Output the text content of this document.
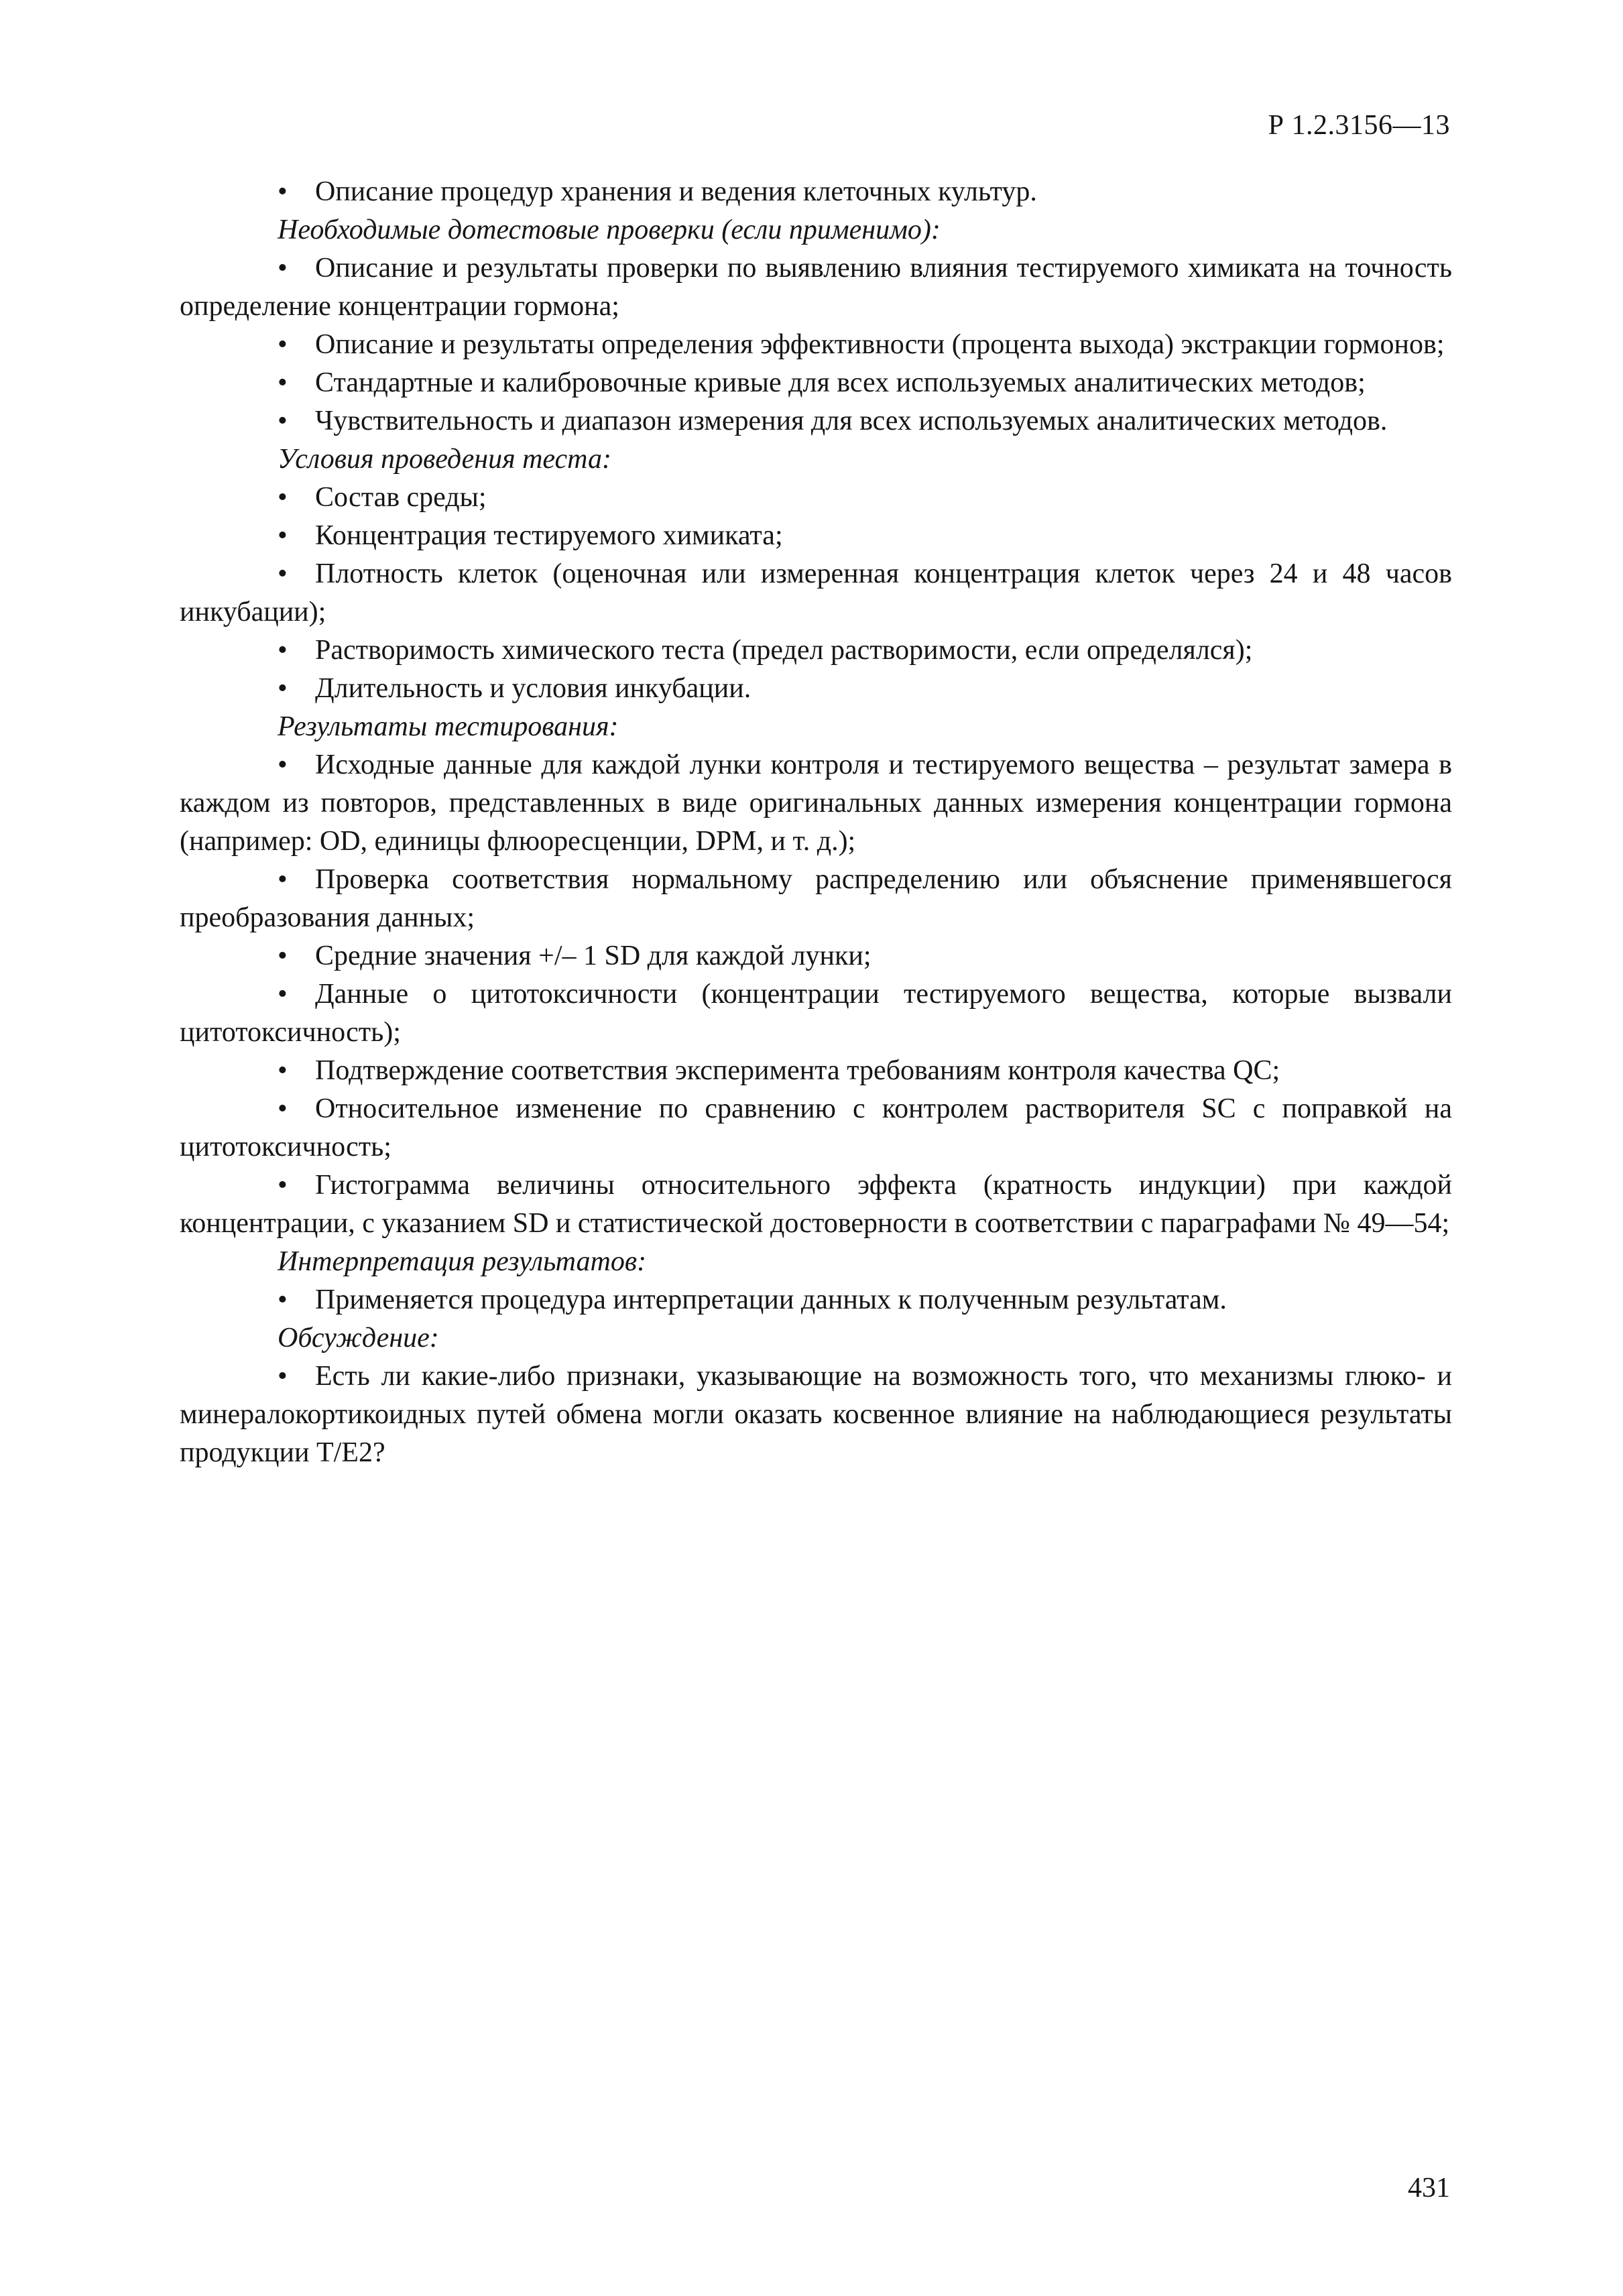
Р 1.2.3156—13

• Описание процедур хранения и ведения клеточных культур.

Необходимые дотестовые проверки (если применимо):

• Описание и результаты проверки по выявлению влияния тестируемого химиката на точность определение концентрации гормона;

• Описание и результаты определения эффективности (процента выхода) экстракции гормонов;

• Стандартные и калибровочные кривые для всех используемых аналитических методов;

• Чувствительность и диапазон измерения для всех используемых аналитических методов.

Условия проведения теста:

• Состав среды;

• Концентрация тестируемого химиката;

• Плотность клеток (оценочная или измеренная концентрация клеток через 24 и 48 часов инкубации);

• Растворимость химического теста (предел растворимости, если определялся);

• Длительность и условия инкубации.

Результаты тестирования:

• Исходные данные для каждой лунки контроля и тестируемого вещества – результат замера в каждом из повторов, представленных в виде оригинальных данных измерения концентрации гормона (например: OD, единицы флюоресценции, DPM, и т. д.);

• Проверка соответствия нормальному распределению или объяснение применявшегося преобразования данных;

• Средние значения +/– 1 SD для каждой лунки;

• Данные о цитотоксичности (концентрации тестируемого вещества, которые вызвали цитотоксичность);

• Подтверждение соответствия эксперимента требованиям контроля качества QC;

• Относительное изменение по сравнению с контролем растворителя SC с поправкой на цитотоксичность;

• Гистограмма величины относительного эффекта (кратность индукции) при каждой концентрации, с указанием SD и статистической достоверности в соответствии с параграфами № 49—54;

Интерпретация результатов:

• Применяется процедура интерпретации данных к полученным результатам.

Обсуждение:

• Есть ли какие-либо признаки, указывающие на возможность того, что механизмы глюко- и минералокортикоидных путей обмена могли оказать косвенное влияние на наблюдающиеся результаты продукции T/E2?

431
